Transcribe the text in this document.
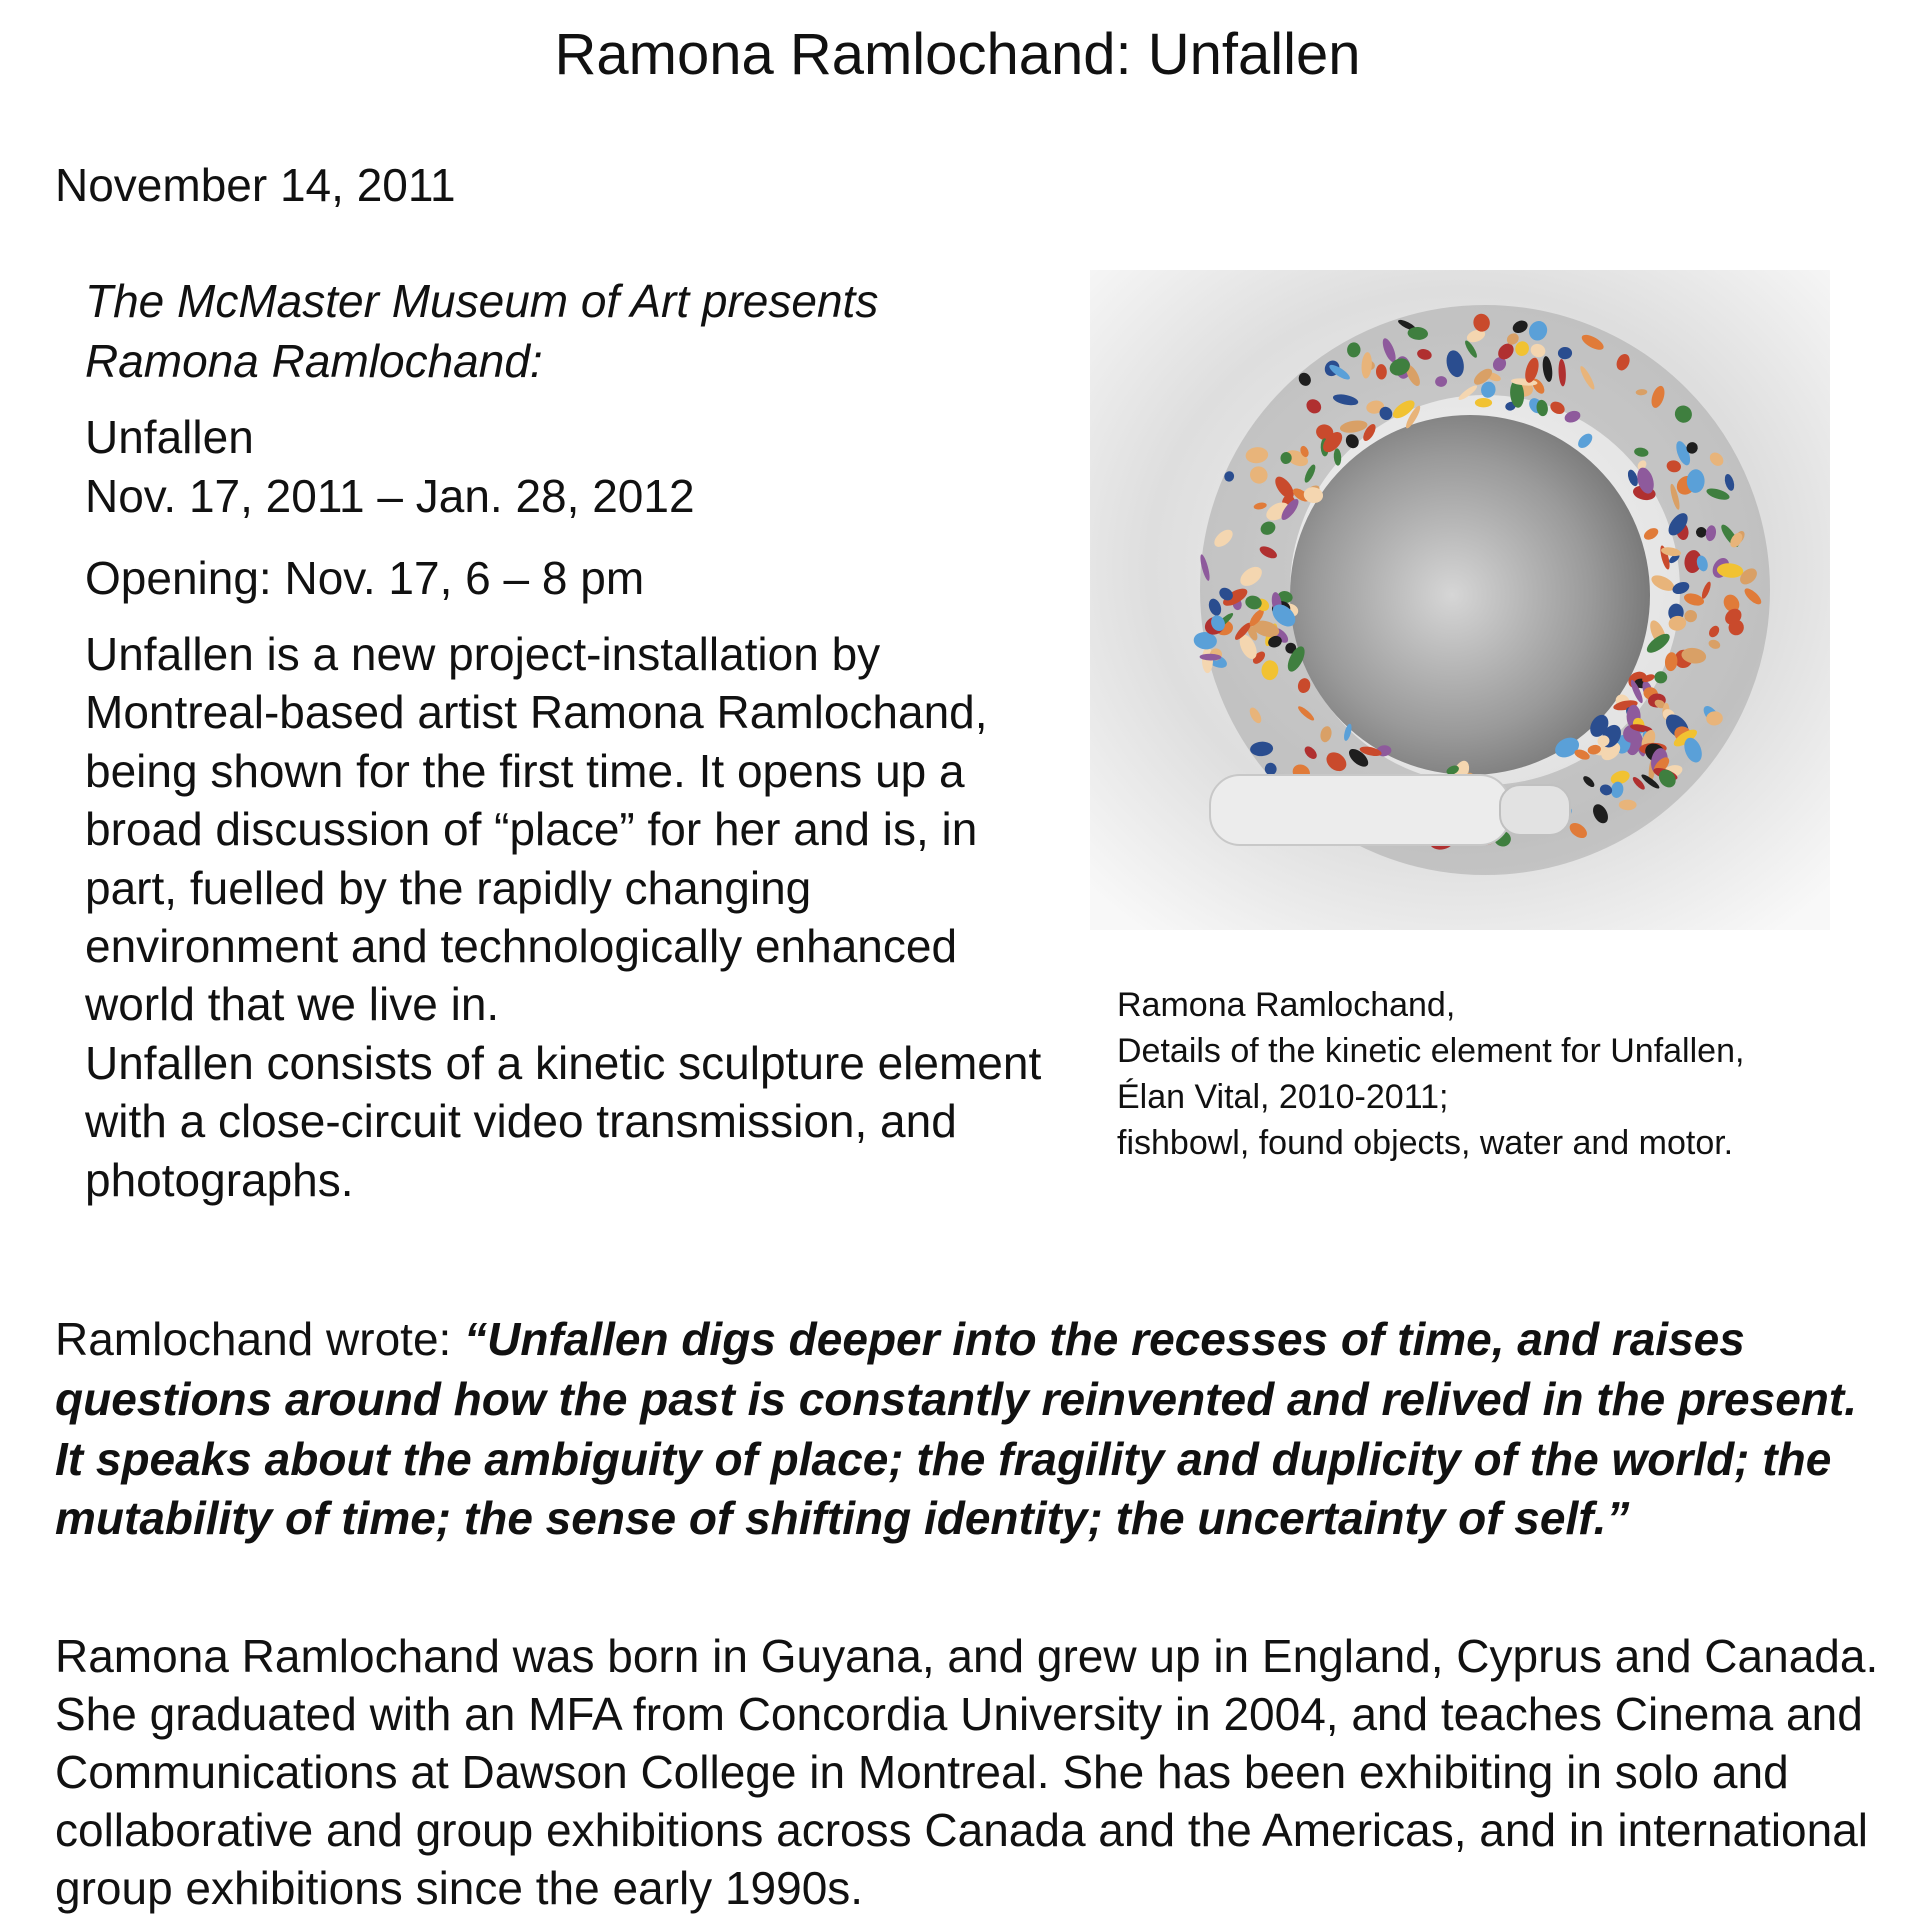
Ramona Ramlochand: Unfallen

November 14, 2011

The McMaster Museum of Art presents
Ramona Ramlochand:

Unfallen
Nov. 17, 2011 – Jan. 28, 2012

Opening: Nov. 17, 6 – 8 pm

Unfallen is a new project-installation by Montreal-based artist Ramona Ramlochand, being shown for the first time. It opens up a broad discussion of “place” for her and is, in part, fuelled by the rapidly changing environment and technologically enhanced world that we live in.

Unfallen consists of a kinetic sculpture element with a close-circuit video transmission, and photographs.

Ramona Ramlochand,
Details of the kinetic element for Unfallen,
Élan Vital, 2010-2011;
fishbowl, found objects, water and motor.

Ramlochand wrote: “Unfallen digs deeper into the recesses of time, and raises questions around how the past is constantly reinvented and relived in the present. It speaks about the ambiguity of place; the fragility and duplicity of the world; the mutability of time; the sense of shifting identity; the uncertainty of self.”

Ramona Ramlochand was born in Guyana, and grew up in England, Cyprus and Canada. She graduated with an MFA from Concordia University in 2004, and teaches Cinema and Communications at Dawson College in Montreal. She has been exhibiting in solo and collaborative and group exhibitions across Canada and the Americas, and in international group exhibitions since the early 1990s.
